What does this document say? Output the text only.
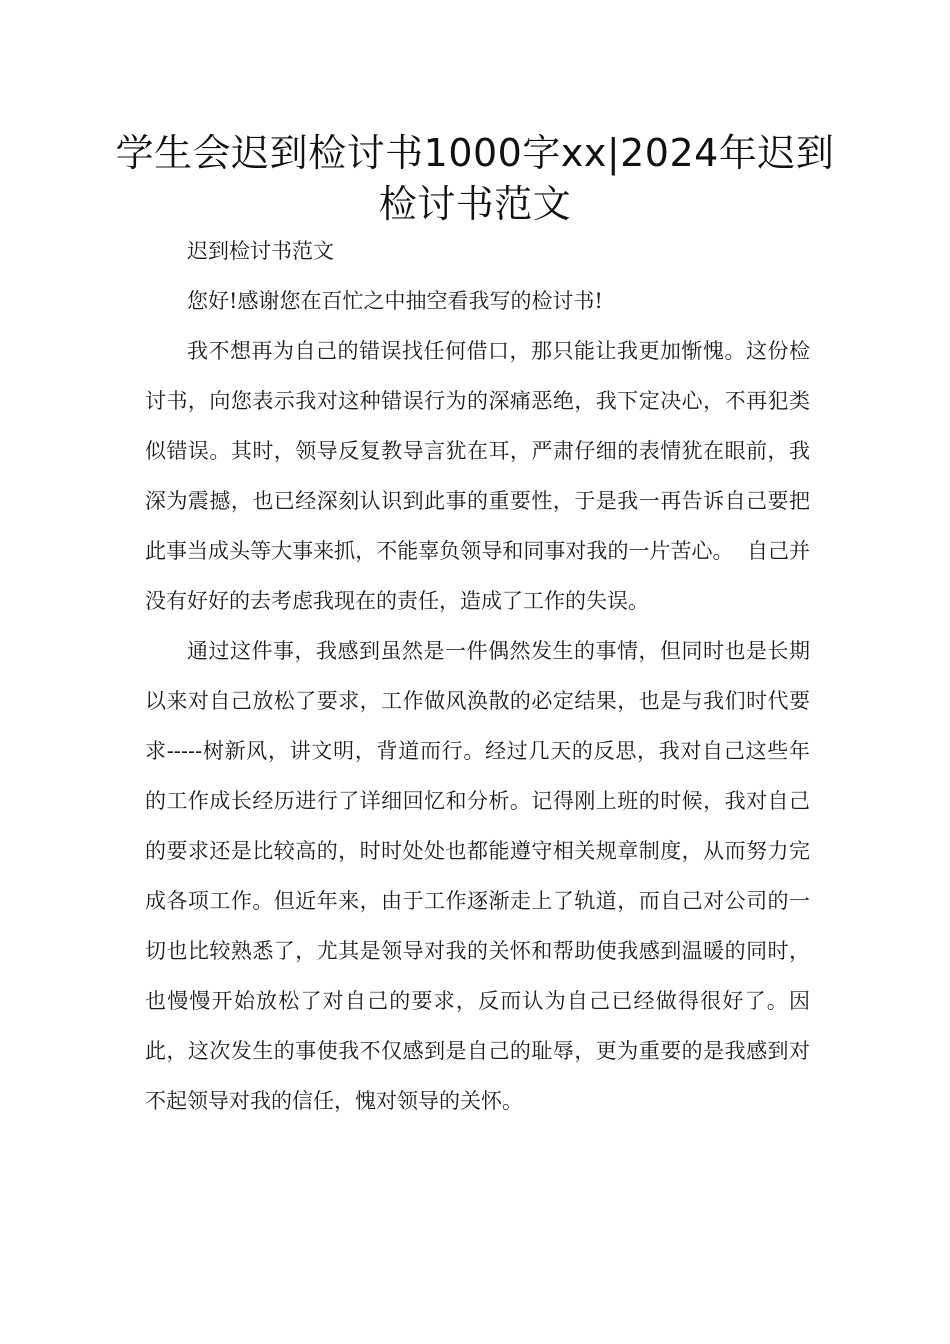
学生会迟到检讨书1000字xx|2024年迟到检讨书范文

迟到检讨书范文

您好!感谢您在百忙之中抽空看我写的检讨书!

我不想再为自己的错误找任何借口，那只能让我更加惭愧。这份检讨书，向您表示我对这种错误行为的深痛恶绝，我下定决心，不再犯类似错误。其时，领导反复教导言犹在耳，严肃仔细的表情犹在眼前，我深为震撼，也已经深刻认识到此事的重要性，于是我一再告诉自己要把此事当成头等大事来抓，不能辜负领导和同事对我的一片苦心。  自己并没有好好的去考虑我现在的责任，造成了工作的失误。

通过这件事，我感到虽然是一件偶然发生的事情，但同时也是长期以来对自己放松了要求，工作做风涣散的必定结果，也是与我们时代要求-----树新风，讲文明，背道而行。经过几天的反思，我对自己这些年的工作成长经历进行了详细回忆和分析。记得刚上班的时候，我对自己的要求还是比较高的，时时处处也都能遵守相关规章制度，从而努力完成各项工作。但近年来，由于工作逐渐走上了轨道，而自己对公司的一切也比较熟悉了，尤其是领导对我的关怀和帮助使我感到温暖的同时，也慢慢开始放松了对自己的要求，反而认为自己已经做得很好了。因此，这次发生的事使我不仅感到是自己的耻辱，更为重要的是我感到对不起领导对我的信任，愧对领导的关怀。
